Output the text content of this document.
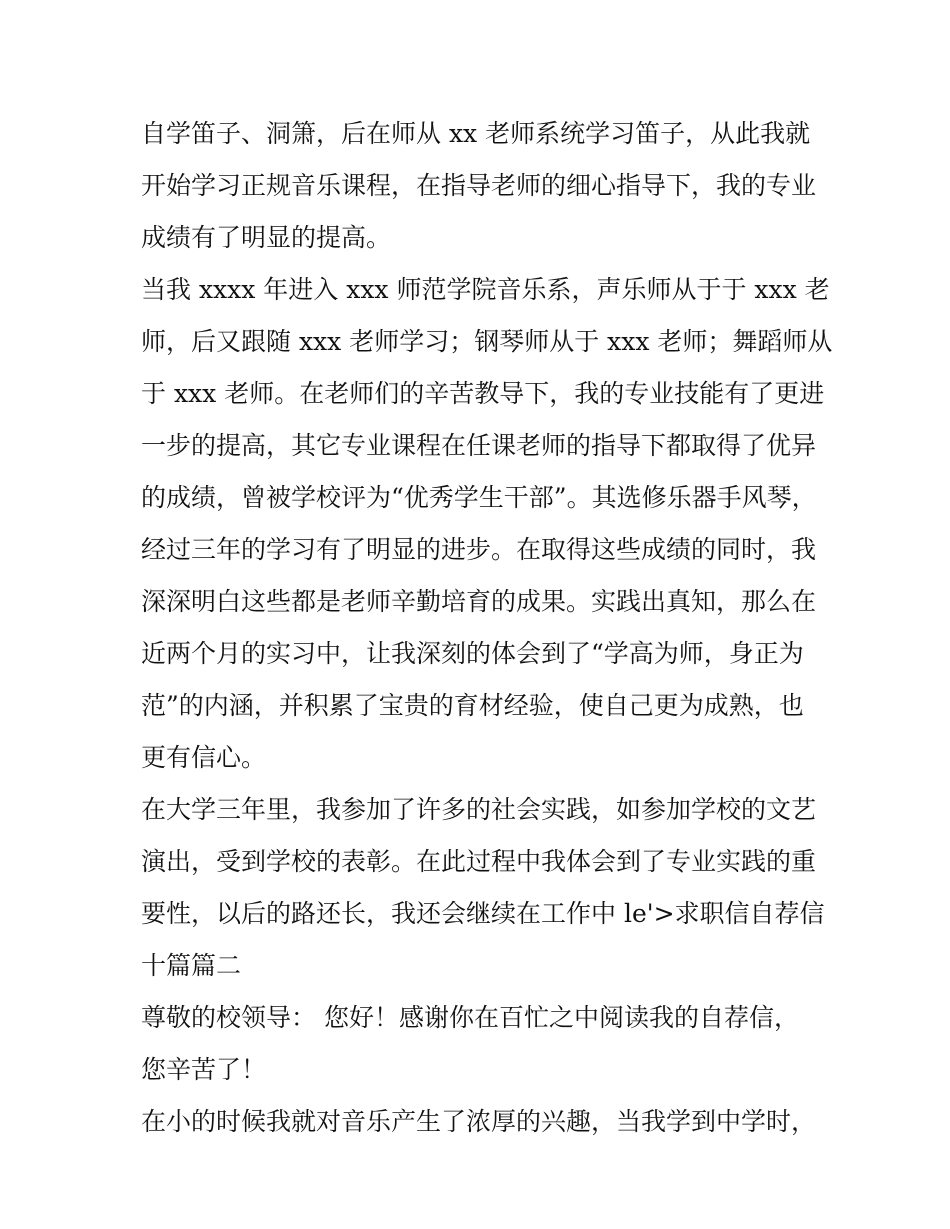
自学笛子、洞箫，后在师从 xx 老师系统学习笛子，从此我就
开始学习正规音乐课程，在指导老师的细心指导下，我的专业
成绩有了明显的提高。
当我 xxxx 年进入 xxx 师范学院音乐系，声乐师从于于 xxx 老
师，后又跟随 xxx 老师学习；钢琴师从于 xxx 老师；舞蹈师从
于 xxx 老师。在老师们的辛苦教导下，我的专业技能有了更进
一步的提高，其它专业课程在任课老师的指导下都取得了优异
的成绩，曾被学校评为“优秀学生干部”。其选修乐器手风琴，
经过三年的学习有了明显的进步。在取得这些成绩的同时，我
深深明白这些都是老师辛勤培育的成果。实践出真知，那么在
近两个月的实习中，让我深刻的体会到了“学高为师，身正为
范”的内涵，并积累了宝贵的育材经验，使自己更为成熟，也
更有信心。
在大学三年里，我参加了许多的社会实践，如参加学校的文艺
演出，受到学校的表彰。在此过程中我体会到了专业实践的重
要性，以后的路还长，我还会继续在工作中 le'>求职信自荐信
十篇篇二
尊敬的校领导： 您好！感谢你在百忙之中阅读我的自荐信，
您辛苦了！
在小的时候我就对音乐产生了浓厚的兴趣，当我学到中学时，
